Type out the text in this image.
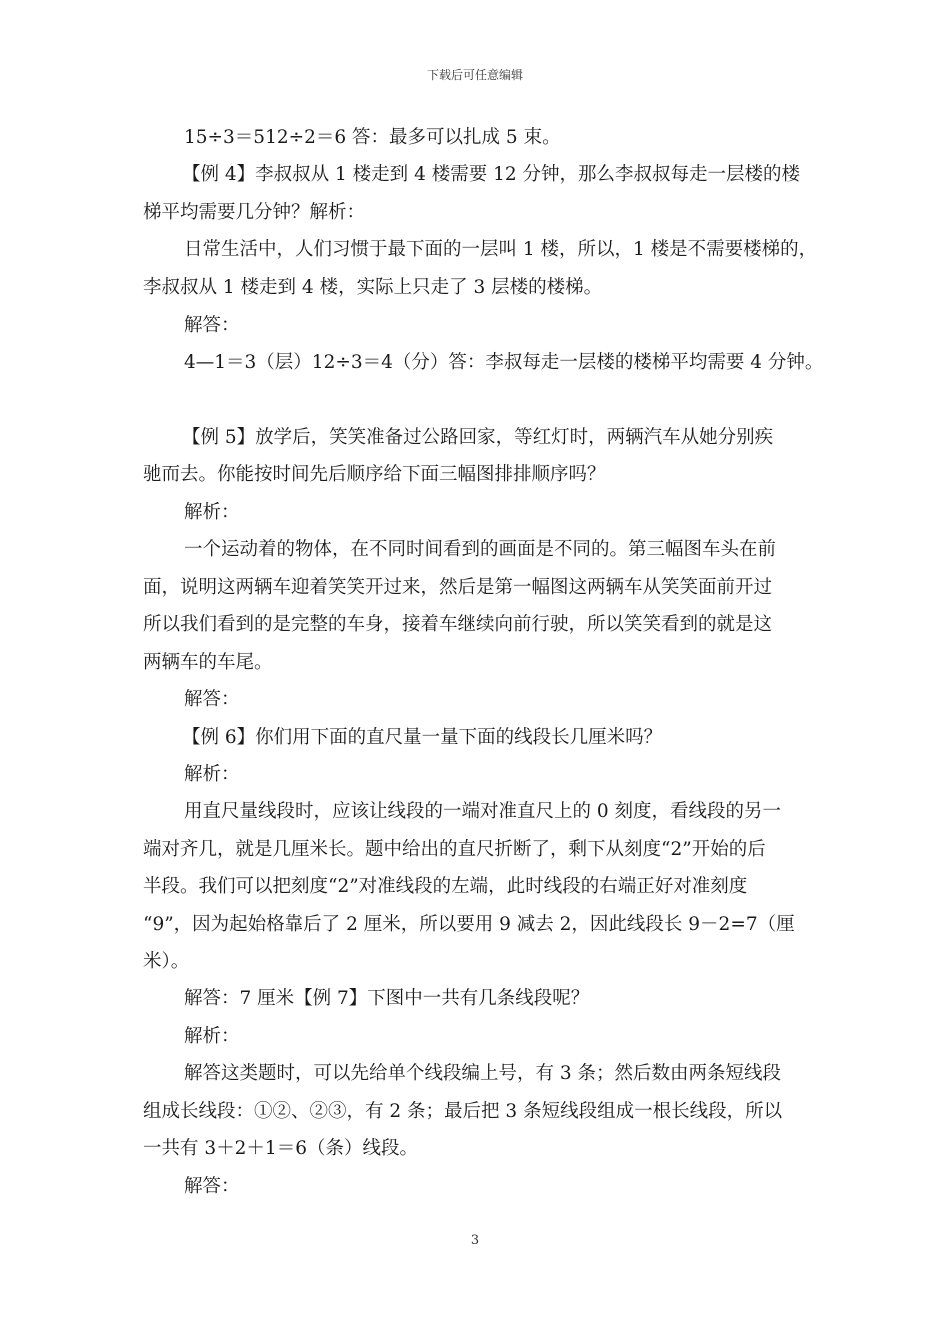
下载后可任意编辑
15÷3＝512÷2＝6 答：最多可以扎成 5 束。
【例 4】李叔叔从 1 楼走到 4 楼需要 12 分钟，那么李叔叔每走一层楼的楼
梯平均需要几分钟？解析：
日常生活中，人们习惯于最下面的一层叫 1 楼，所以，1 楼是不需要楼梯的，
李叔叔从 1 楼走到 4 楼，实际上只走了 3 层楼的楼梯。
解答：
4—1＝3（层）12÷3＝4（分）答：李叔每走一层楼的楼梯平均需要 4 分钟。
【例 5】放学后，笑笑准备过公路回家，等红灯时，两辆汽车从她分别疾
驰而去。你能按时间先后顺序给下面三幅图排排顺序吗？
解析：
一个运动着的物体，在不同时间看到的画面是不同的。第三幅图车头在前
面，说明这两辆车迎着笑笑开过来，然后是第一幅图这两辆车从笑笑面前开过
所以我们看到的是完整的车身，接着车继续向前行驶，所以笑笑看到的就是这
两辆车的车尾。
解答：
【例 6】你们用下面的直尺量一量下面的线段长几厘米吗？
解析：
用直尺量线段时，应该让线段的一端对准直尺上的 0 刻度，看线段的另一
端对齐几，就是几厘米长。题中给出的直尺折断了，剩下从刻度“2”开始的后
半段。我们可以把刻度“2”对准线段的左端，此时线段的右端正好对准刻度
“9”，因为起始格靠后了 2 厘米，所以要用 9 减去 2，因此线段长 9－2=7（厘
米）。
解答：7 厘米【例 7】下图中一共有几条线段呢？
解析：
解答这类题时，可以先给单个线段编上号，有 3 条；然后数由两条短线段
组成长线段：①②、②③，有 2 条；最后把 3 条短线段组成一根长线段，所以
一共有 3＋2＋1＝6（条）线段。
解答：
3
